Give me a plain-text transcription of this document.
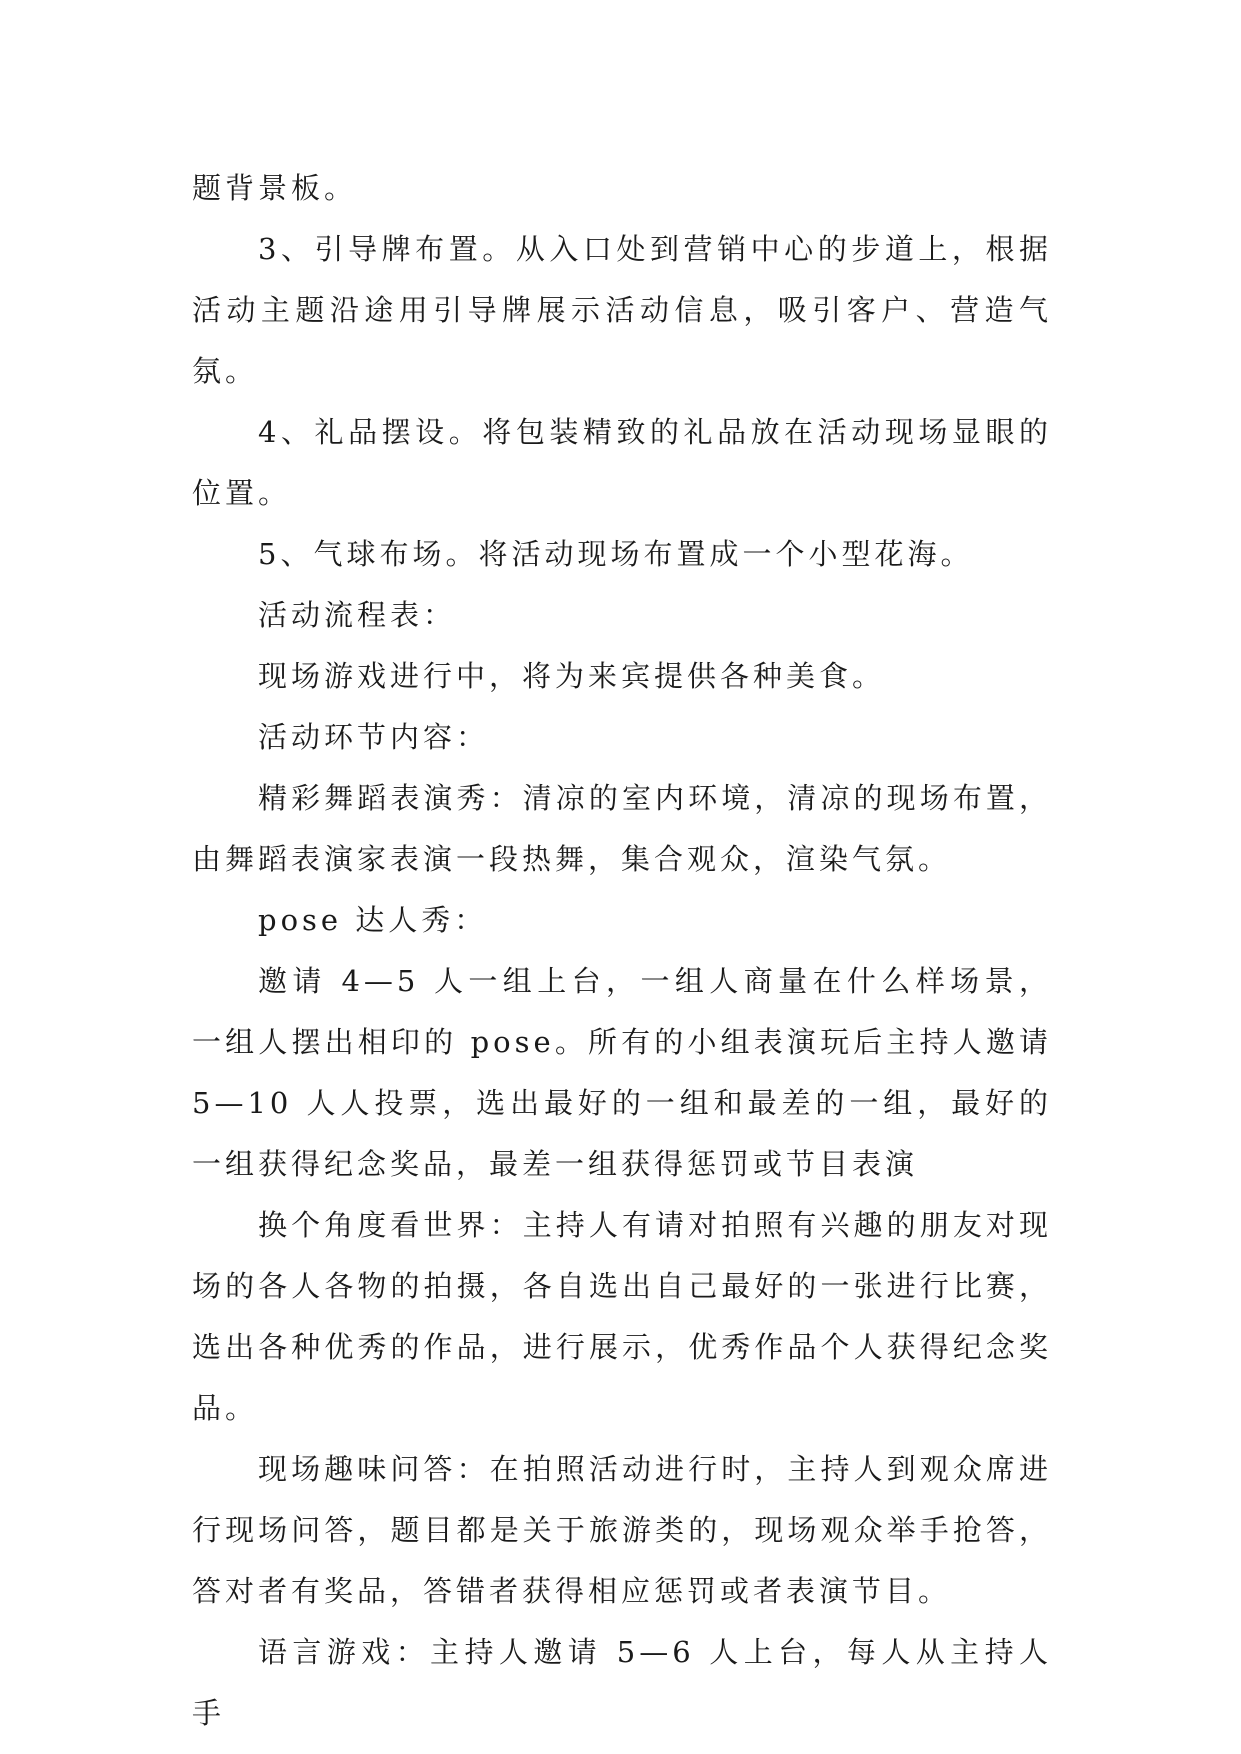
题背景板。

3、引导牌布置。从入口处到营销中心的步道上，根据活动主题沿途用引导牌展示活动信息，吸引客户、营造气氛。

4、礼品摆设。将包装精致的礼品放在活动现场显眼的位置。

5、气球布场。将活动现场布置成一个小型花海。

活动流程表：

现场游戏进行中，将为来宾提供各种美食。

活动环节内容：

精彩舞蹈表演秀：清凉的室内环境，清凉的现场布置，由舞蹈表演家表演一段热舞，集合观众，渲染气氛。

pose 达人秀：

邀请 4—5 人一组上台，一组人商量在什么样场景，一组人摆出相印的 pose。所有的小组表演玩后主持人邀请 5—10 人人投票，选出最好的一组和最差的一组，最好的一组获得纪念奖品，最差一组获得惩罚或节目表演

换个角度看世界：主持人有请对拍照有兴趣的朋友对现场的各人各物的拍摄，各自选出自己最好的一张进行比赛，选出各种优秀的作品，进行展示，优秀作品个人获得纪念奖品。

现场趣味问答：在拍照活动进行时，主持人到观众席进行现场问答，题目都是关于旅游类的，现场观众举手抢答，答对者有奖品，答错者获得相应惩罚或者表演节目。

语言游戏：主持人邀请 5—6 人上台，每人从主持人手
